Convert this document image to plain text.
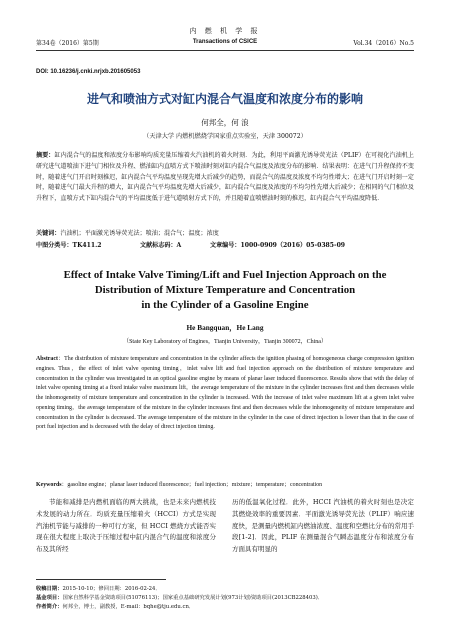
第34卷（2016）第5期
内 燃 机 学 报
Transactions of CSICE	Vol.34（2016）No.5
DOI: 10.16236/j.cnki.nrjxb.201605053
进气和喷油方式对缸内混合气温度和浓度分布的影响
何邦全，何 浪
（天津大学 内燃机燃烧学国家重点实验室，天津 300072）
摘要：缸内混合气的温度和浓度分布影响均质充量压缩着火汽油机的着火时刻．为此，利用平面激光诱导荧光法（PLIF）在可视化汽油机上研究进气道喷油下进气门相位及升程、燃油缸内直喷方式下喷油时刻对缸内混合气温度及浓度分布的影响．结果表明：在进气门升程保持不变时，随着进气门开启时刻推迟，缸内混合气平均温度呈现先增大后减少的趋势，而混合气的温度及浓度不均匀性增大；在进气门开启时刻一定时，随着进气门最大升程的增大，缸内混合气平均温度先增大后减少，缸内混合气温度及浓度的不均匀性先增大后减少；在相同的气门相位及升程下，直喷方式下缸内混合气的平均温度低于进气道喷射方式下的，并且随着直喷燃油时刻的推迟，缸内混合气平均温度降低．
关键词：汽油机；平面激光诱导荧光法；喷油；混合气；温度；浓度
中图分类号：TK411.2	文献标志码：A	文章编号：1000-0909（2016）05-0385-09
Effect of Intake Valve Timing/Lift and Fuel Injection Approach on the
Distribution of Mixture Temperature and Concentration
in the Cylinder of a Gasoline Engine
He Bangquan，He Lang
（State Key Laboratory of Engines，Tianjin University，Tianjin 300072，China）
Abstract：The distribution of mixture temperature and concentration in the cylinder affects the ignition phasing of homogeneous charge compression ignition engines. Thus，the effect of inlet valve opening timing，inlet valve lift and fuel injection approach on the distribution of mixture temperature and concentration in the cylinder was investigated in an optical gasoline engine by means of planar laser induced fluorescence. Results show that with the delay of inlet valve opening timing at a fixed intake valve maximum lift，the average temperature of the mixture in the cylinder increases first and then decreases while the inhomogeneity of mixture temperature and concentration in the cylinder is increased. With the increase of inlet valve maximum lift at a given inlet valve opening timing，the average temperature of the mixture in the cylinder increases first and then decreases while the inhomogeneity of mixture temperature and concentration in the cylinder is decreased. The average temperature of the mixture in the cylinder in the case of direct injection is lower than that in the case of port fuel injection and is decreased with the delay of direct injection timing.
Keywords：gasoline engine；planar laser induced fluorescence；fuel injection；mixture；temperature；concentration
节能和减排是内燃机面临的两大挑战，也是未来内燃机技术发展的动力所在．均质充量压缩着火（HCCI）方式是实现汽油机节能与减排的一种可行方案，但 HCCI 燃烧方式能否实现在很大程度上取决于压缩过程中缸内混合气的温度和浓度分布及其所经
历的低温氧化过程．此外，HCCI 汽油机的着火时刻也是决定其燃烧效率的重要因素．平面激光诱导荧光法（PLIF）响应速度快，是测量内燃机缸内燃油浓度、温度和空燃比分布的常用手段[1-2]．因此，PLIF 在测量混合气瞬态温度分布和浓度分布方面具有明显的
收稿日期：2015-10-10；修回日期：2016-02-24．
基金项目：国家自然科学基金资助项目(51076113)；国家重点基础研究发展计划(973计划)资助项目(2013CB228403)．
作者简介：何邦全，博士，副教授，E-mail：bqhe@tju.edu.cn．
